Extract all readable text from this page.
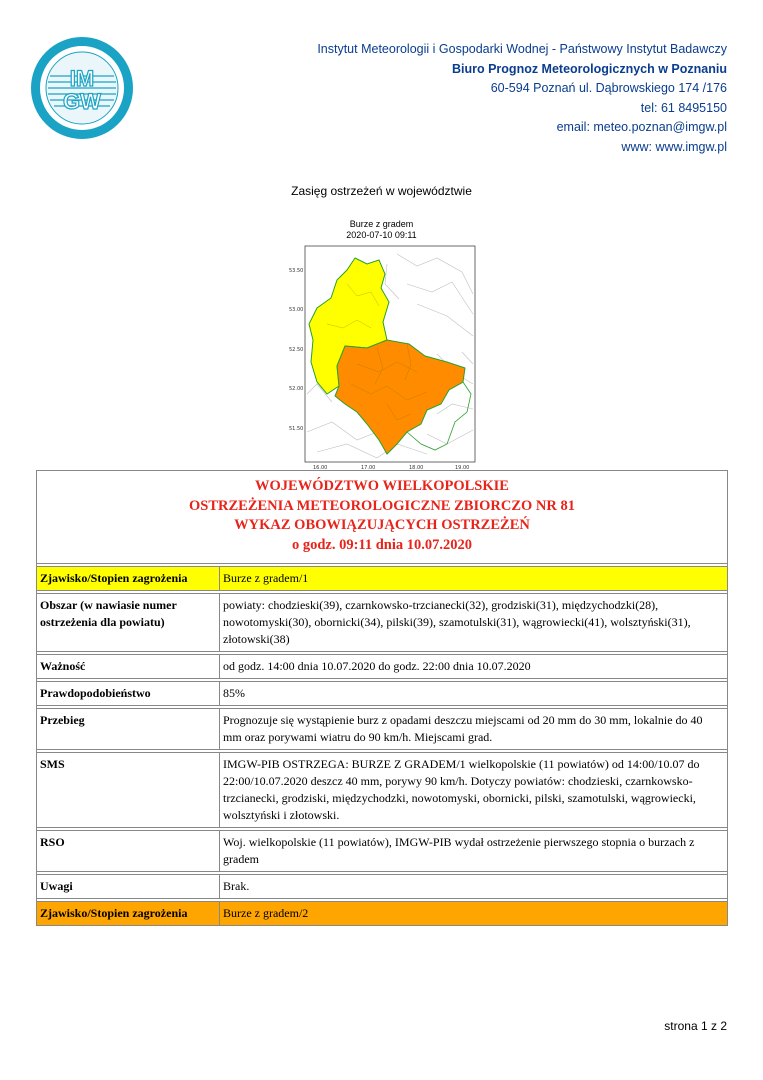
IM
GW
Instytut Meteorologii i Gospodarki Wodnej - Państwowy Instytut Badawczy
Biuro Prognoz Meteorologicznych w Poznaniu
60-594 Poznań ul. Dąbrowskiego 174 /176
tel: 61 8495150
email: meteo.poznan@imgw.pl
www: www.imgw.pl
Zasięg ostrzeżeń w województwie
Burze z gradem
2020-07-10 09:11
53.50
53.00
52.50
52.00
51.50
16.00	17.00	18.00	19.00
WOJEWÓDZTWO WIELKOPOLSKIE
OSTRZEŻENIA METEOROLOGICZNE ZBIORCZO NR 81
WYKAZ OBOWIĄZUJĄCYCH OSTRZEŻEŃ
o godz. 09:11 dnia 10.07.2020	

Zjawisko/Stopien zagrożenia	Burze z gradem/1

Obszar (w nawiasie numer ostrzeżenia dla powiatu)	powiaty: chodzieski(39), czarnkowsko-trzcianecki(32), grodziski(31), międzychodzki(28), nowotomyski(30), obornicki(34), pilski(39), szamotulski(31), wągrowiecki(41), wolsztyński(31), złotowski(38)

Ważność	od godz. 14:00 dnia 10.07.2020 do godz. 22:00 dnia 10.07.2020

Prawdopodobieństwo	85%

Przebieg	Prognozuje się wystąpienie burz z opadami deszczu miejscami od 20 mm do 30 mm, lokalnie do 40 mm oraz porywami wiatru do 90 km/h. Miejscami grad.

SMS	IMGW-PIB OSTRZEGA: BURZE Z GRADEM/1 wielkopolskie (11 powiatów) od 14:00/10.07 do 22:00/10.07.2020 deszcz 40 mm, porywy 90 km/h. Dotyczy powiatów: chodzieski, czarnkowsko-trzcianecki, grodziski, międzychodzki, nowotomyski, obornicki, pilski, szamotulski, wągrowiecki, wolsztyński i złotowski.

RSO	Woj. wielkopolskie (11 powiatów), IMGW-PIB wydał ostrzeżenie pierwszego stopnia o burzach z gradem

Uwagi	Brak.

Zjawisko/Stopien zagrożenia	Burze z gradem/2
strona 1 z 2
